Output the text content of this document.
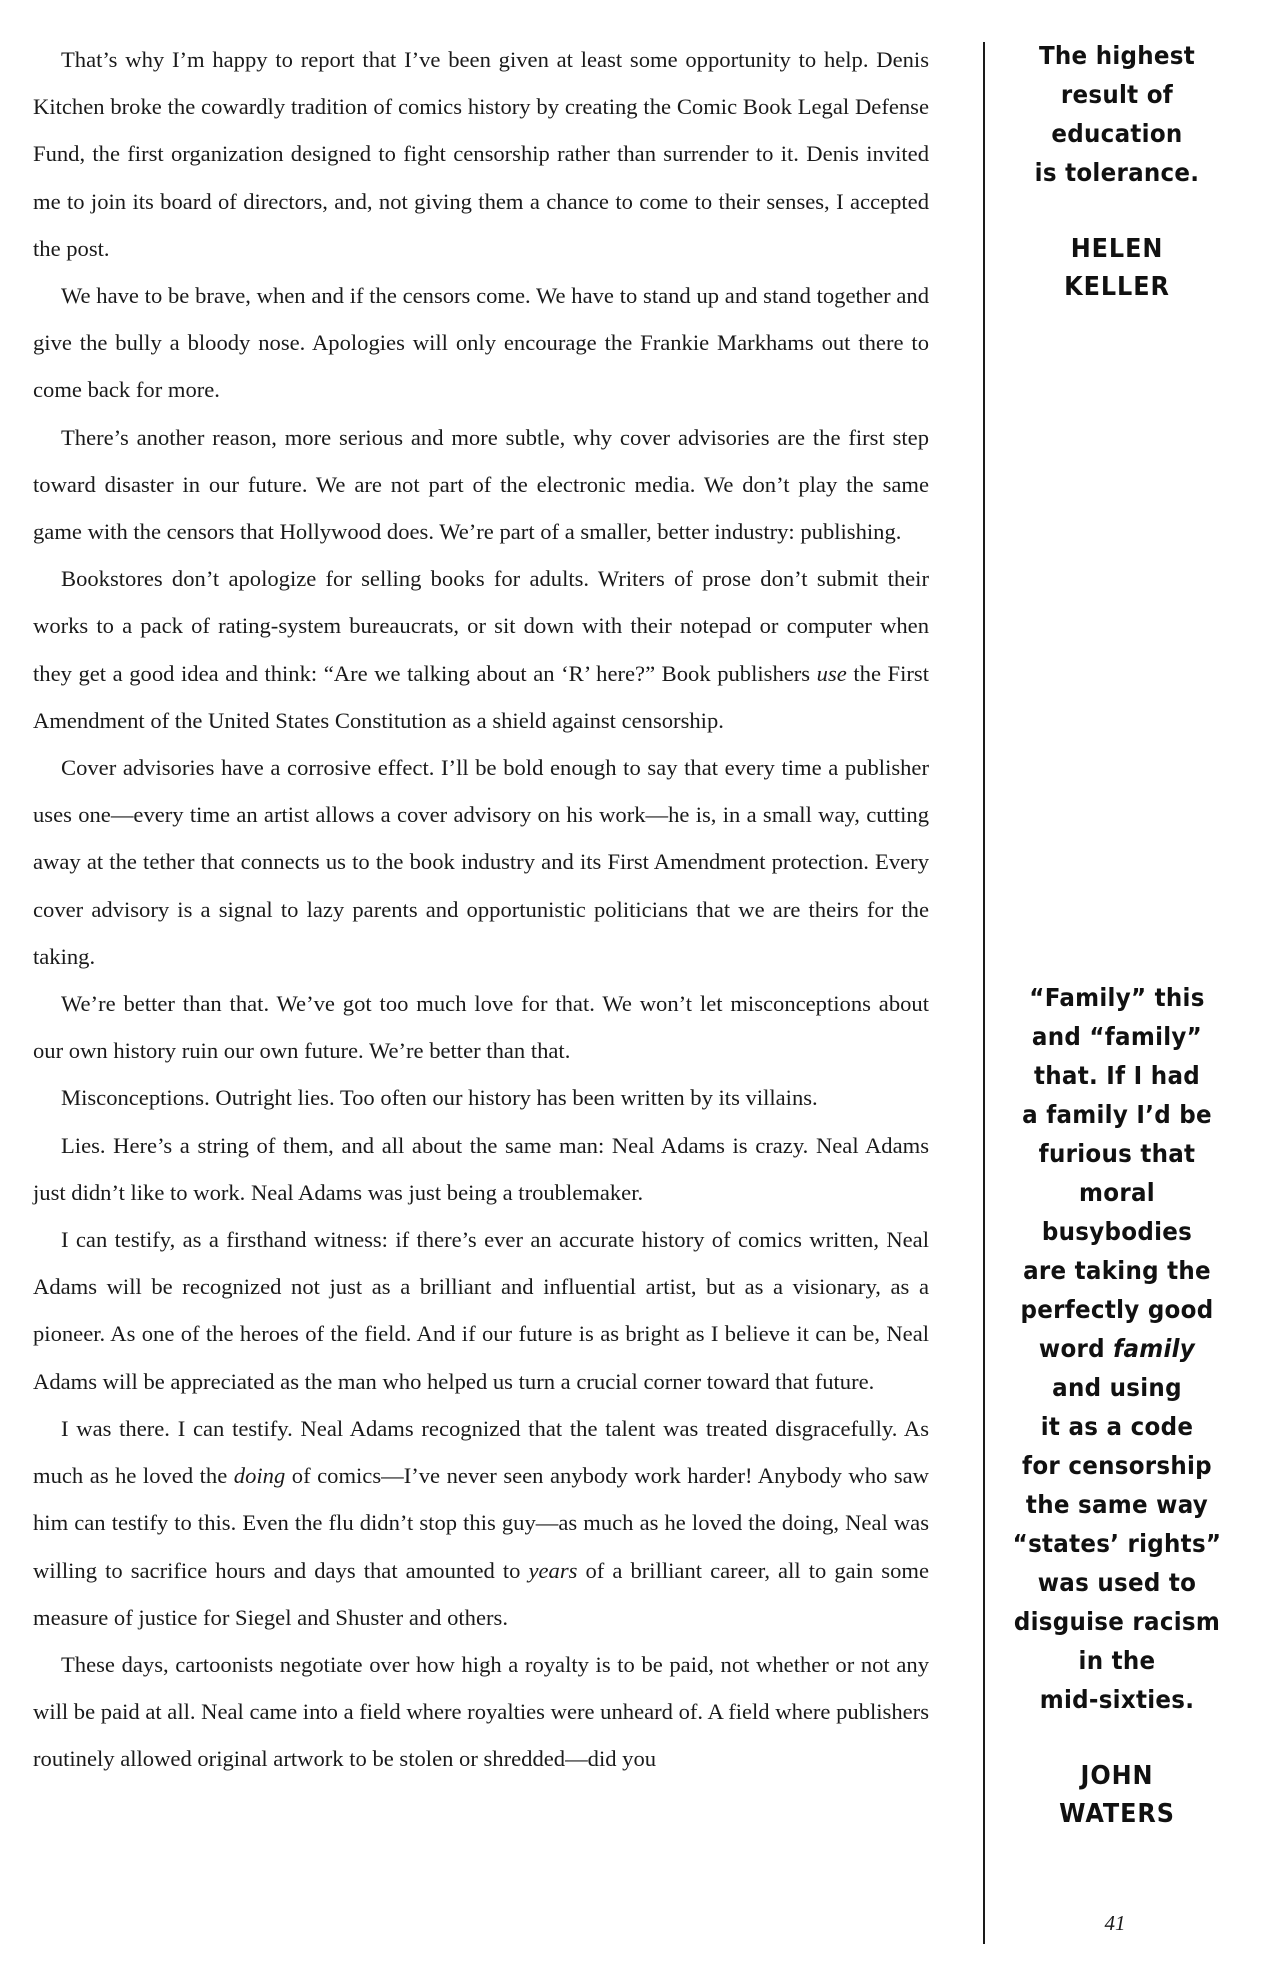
That’s why I’m happy to report that I’ve been given at least some opportunity to help. Denis Kitchen broke the cowardly tradition of comics history by creating the Comic Book Legal Defense Fund, the first organization designed to fight censorship rather than surrender to it. Denis invited me to join its board of directors, and, not giving them a chance to come to their senses, I accepted the post.

We have to be brave, when and if the censors come. We have to stand up and stand together and give the bully a bloody nose. Apologies will only encourage the Frankie Markhams out there to come back for more.

There’s another reason, more serious and more subtle, why cover advisories are the first step toward disaster in our future. We are not part of the electronic media. We don’t play the same game with the censors that Hollywood does. We’re part of a smaller, better industry: publishing.

Bookstores don’t apologize for selling books for adults. Writers of prose don’t submit their works to a pack of rating-system bureaucrats, or sit down with their notepad or computer when they get a good idea and think: “Are we talking about an ‘R’ here?” Book publishers use the First Amendment of the United States Constitution as a shield against censorship.

Cover advisories have a corrosive effect. I’ll be bold enough to say that every time a publisher uses one—every time an artist allows a cover advisory on his work—he is, in a small way, cutting away at the tether that connects us to the book industry and its First Amendment protection. Every cover advisory is a signal to lazy parents and opportunistic politicians that we are theirs for the taking.

We’re better than that. We’ve got too much love for that. We won’t let misconceptions about our own history ruin our own future. We’re better than that.

Misconceptions. Outright lies. Too often our history has been written by its villains.

Lies. Here’s a string of them, and all about the same man: Neal Adams is crazy. Neal Adams just didn’t like to work. Neal Adams was just being a troublemaker.

I can testify, as a firsthand witness: if there’s ever an accurate history of comics written, Neal Adams will be recognized not just as a brilliant and influential artist, but as a visionary, as a pioneer. As one of the heroes of the field. And if our future is as bright as I believe it can be, Neal Adams will be appreciated as the man who helped us turn a crucial corner toward that future.

I was there. I can testify. Neal Adams recognized that the talent was treated disgracefully. As much as he loved the doing of comics—I’ve never seen anybody work harder! Anybody who saw him can testify to this. Even the flu didn’t stop this guy—as much as he loved the doing, Neal was willing to sacrifice hours and days that amounted to years of a brilliant career, all to gain some measure of justice for Siegel and Shuster and others.

These days, cartoonists negotiate over how high a royalty is to be paid, not whether or not any will be paid at all. Neal came into a field where royalties were unheard of. A field where publishers routinely allowed original artwork to be stolen or shredded—did you

The highest
result of
education
is tolerance.
HELEN
KELLER
“Family” this
and “family”
that. If I had
a family I’d be
furious that
moral busybodies
are taking the
perfectly good
word family
and using
it as a code
for censorship
the same way
“states’ rights”
was used to
disguise racism
in the
mid-sixties.
JOHN
WATERS
41
